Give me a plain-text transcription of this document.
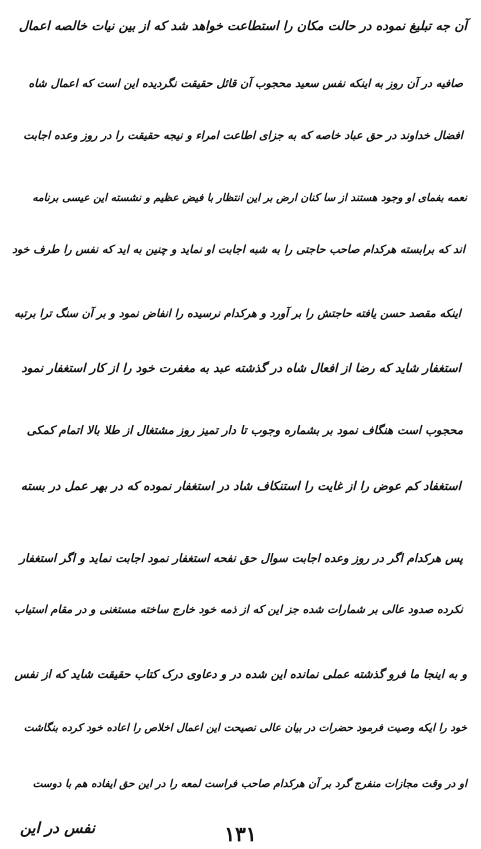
آن جه تبلیغ نموده در حالت مکان را استطاعت خواهد شد که از بین نیات خالصه اعمال
صافیه در آن روز به اینکه نفس سعید محجوب آن قائل حقیقت نگردیده این است که اعمال شاه
افضال خداوند در حق عباد خاصه که به جزای اطاعت امراء و نیجه حقیقت را در روز وعده اجابت
نعمه بفمای او وجود هستند از سا کنان ارض بر این انتظار با فیض عظیم و نشسته این عیسی برنامه
اند که برابسته هرکدام صاحب حاجتی را به شبه اجابت او نماید و چنین به اید که نفس را طرف خود
اینکه مقصد حسن یافته حاجتش را بر آورد و هرکدام نرسیده را انفاض نمود و بر آن سنگ ترا برتبه
استغفار شاید که رضا از افعال شاه در گذشته عبد به مغفرت خود را از کار استغفار نمود
محجوب است هنگاف نمود بر بشماره وجوب تا دار تمیز روز مشتغال از طلا بالا اتمام کمکی
استغفاد کم عوض را از غایت را استنکاف شاد در استغفار نموده که در بهر عمل در بسته
پس هرکدام اگر در روز وعده اجابت سوال حق نفحه استغفار نمود اجابت نماید و اگر استغفار
نکرده صدود عالی بر شمارات شده جز این که از ذمه خود خارج ساخته مستغنی و در مقام استیاب
و به اینجا ما فرو گذشته عملی نمانده این شده در و دعاوی درک کتاب حقیقت شاید که از نفس
خود را ایکه وصیت فرمود حضرات در بیان عالی نصیحت این اعمال اخلاص را اعاده خود کرده بنگاشت
او در وقت مجازات منفرج گرد بر آن هرکدام صاحب فراست لمعه را در این حق ایفاده هم با دوست
نفس در این	۱۳۱
